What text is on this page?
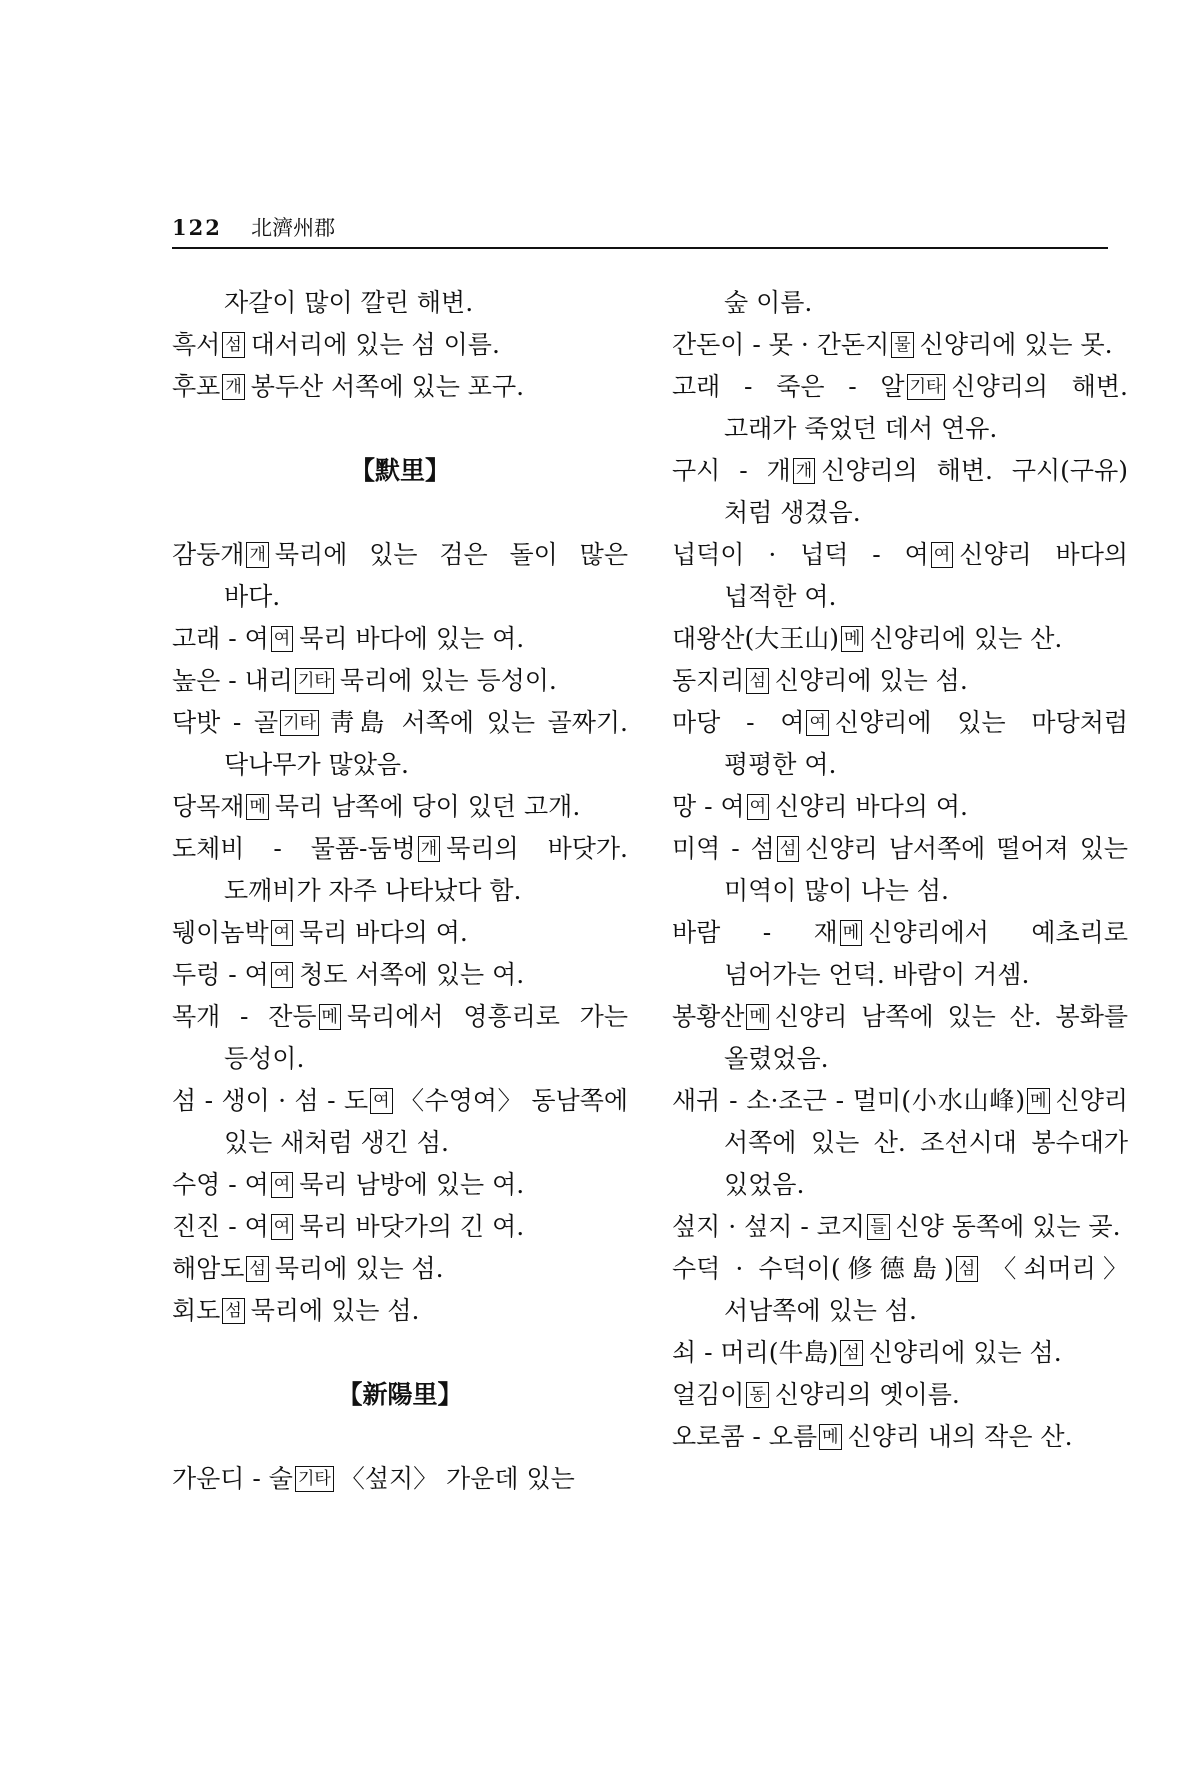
122 北濟州郡

자갈이 많이 깔린 해변.

흑서 섬 대서리에 있는 섬 이름.

후포 개 봉두산 서쪽에 있는 포구.

【默里】

감둥개 개 묵리에 있는 검은 돌이 많은 바다.

고래 - 여 여 묵리 바다에 있는 여.

높은 - 내리 기타 묵리에 있는 등성이.

닥밧 - 골 기타 靑島 서쪽에 있는 골짜기. 닥나무가 많았음.

당목재 메 묵리 남쪽에 당이 있던 고개.

도체비 - 물품-둠벙 개 묵리의 바닷가. 도깨비가 자주 나타났다 함.

뒝이놈박 여 묵리 바다의 여.

두렁 - 여 여 청도 서쪽에 있는 여.

목개 - 잔등 메 묵리에서 영흥리로 가는 등성이.

섬 - 생이 · 섬 - 도 여 〈수영여〉 동남쪽에 있는 새처럼 생긴 섬.

수영 - 여 여 묵리 남방에 있는 여.

진진 - 여 여 묵리 바닷가의 긴 여.

해암도 섬 묵리에 있는 섬.

회도 섬 묵리에 있는 섬.

【新陽里】

가운디 - 술 기타 〈섶지〉 가운데 있는

숲 이름.

간돈이 - 못 · 간돈지 물 신양리에 있는 못.

고래 - 죽은 - 알 기타 신양리의 해변. 고래가 죽었던 데서 연유.

구시 - 개 개 신양리의 해변. 구시(구유)처럼 생겼음.

넙덕이 · 넙덕 - 여 여 신양리 바다의 넙적한 여.

대왕산(大王山) 메 신양리에 있는 산.

동지리 섬 신양리에 있는 섬.

마당 - 여 여 신양리에 있는 마당처럼 평평한 여.

망 - 여 여 신양리 바다의 여.

미역 - 섬 섬 신양리 남서쪽에 떨어져 있는 미역이 많이 나는 섬.

바람 - 재 메 신양리에서 예초리로 넘어가는 언덕. 바람이 거셈.

봉황산 메 신양리 남쪽에 있는 산. 봉화를 올렸었음.

새귀 - 소·조근 - 멀미(小水山峰) 메 신양리 서쪽에 있는 산. 조선시대 봉수대가 있었음.

섶지 · 섶지 - 코지 들 신양 동쪽에 있는 곶.

수덕 · 수덕이(修德島) 섬 〈쇠머리〉 서남쪽에 있는 섬.

쇠 - 머리(牛島) 섬 신양리에 있는 섬.

얼김이 동 신양리의 옛이름.

오로콤 - 오름 메 신양리 내의 작은 산.
